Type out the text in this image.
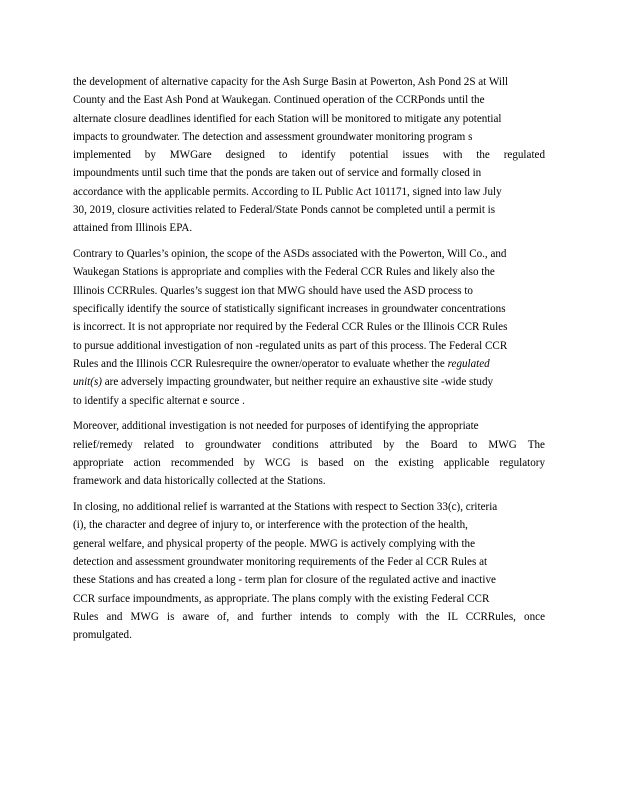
the development of alternative capacity for the Ash Surge Basin at Powerton, Ash Pond 2S at Will
County and the East Ash Pond at Waukegan. Continued operation of the CCRPonds until the
alternate closure deadlines identified for each Station will be monitored to mitigate any potential
impacts to groundwater. The detection and assessment groundwater monitoring program s
implemented by MWGare designed to identify potential issues with the regulated
impoundments until such time that the ponds are taken out of service and formally closed in
accordance with the applicable permits. According to IL Public Act 101171, signed into law July
30, 2019, closure activities related to Federal/State Ponds cannot be completed until a permit is
attained from Illinois EPA.

Contrary to Quarles’s opinion, the scope of the ASDs associated with the Powerton, Will Co., and
Waukegan Stations is appropriate and complies with the Federal CCR Rules and likely also the
Illinois CCRRules. Quarles’s suggest ion that MWG should have used the ASD process to
specifically identify the source of statistically significant increases in groundwater concentrations
is incorrect. It is not appropriate nor required by the Federal CCR Rules or the Illinois CCR Rules
to pursue additional investigation of non -regulated units as part of this process. The Federal CCR
Rules and the Illinois CCR Rulesrequire the owner/operator to evaluate whether the regulated
unit(s) are adversely impacting groundwater, but neither require an exhaustive site -wide study
to identify a specific alternat e source .

Moreover, additional investigation is not needed for purposes of identifying the appropriate
relief/remedy related to groundwater conditions attributed by the Board to MWG The
appropriate action recommended by WCG is based on the existing applicable regulatory
framework and data historically collected at the Stations.

In closing, no additional relief is warranted at the Stations with respect to Section 33(c), criteria
(i), the character and degree of injury to, or interference with the protection of the health,
general welfare, and physical property of the people. MWG is actively complying with the
detection and assessment groundwater monitoring requirements of the Feder al CCR Rules at
these Stations and has created a long - term plan for closure of the regulated active and inactive
CCR surface impoundments, as appropriate. The plans comply with the existing Federal CCR
Rules and MWG is aware of, and further intends to comply with the IL CCRRules, once
promulgated.
